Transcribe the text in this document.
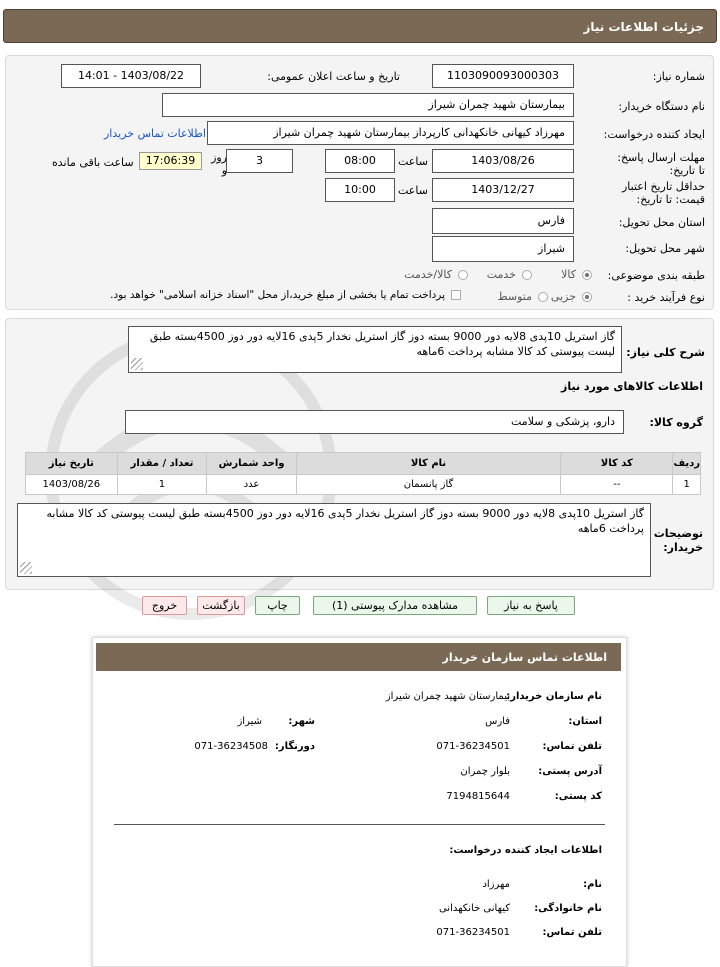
جزئیات اطلاعات نیاز
شماره نیاز:
1103090093000303
تاریخ و ساعت اعلان عمومی:
1403/08/22 - 14:01
نام دستگاه خریدار:
بیمارستان شهید چمران شیراز
ایجاد کننده درخواست:
مهرزاد کیهانی خانکهدانی کارپرداز بیمارستان شهید چمران شیراز
اطلاعات تماس خریدار
مهلت ارسال پاسخ: تا تاریخ:
1403/08/26
ساعت
08:00
3
روز و
17:06:39
ساعت باقی مانده
حداقل تاریخ اعتبار قیمت: تا تاریخ:
1403/12/27
ساعت
10:00
استان محل تحویل:
فارس
شهر محل تحویل:
شیراز
طبقه بندی موضوعی:
کالا
خدمت
کالا/خدمت
نوع فرآیند خرید :
جزیی
متوسط
پرداخت تمام یا بخشی از مبلغ خرید،از محل "اسناد خزانه اسلامی" خواهد بود.
شرح کلی نیاز:
گاز استریل 10پدی 8لایه دور 9000 بسته دوز گاز استریل نخدار 5پدی 16لایه دور دوز 4500بسته طبق لیست پیوستی کد کالا مشابه پرداخت 6ماهه
اطلاعات کالاهای مورد نیاز
گروه کالا:
دارو، پزشکی و سلامت
ردیف	کد کالا	نام کالا	واحد شمارش	تعداد / مقدار	تاریخ نیاز
1	--	گاز پانسمان	عدد	1	1403/08/26
توضیحات خریدار:
گاز استریل 10پدی 8لایه دور 9000 بسته دوز گاز استریل نخدار 5پدی 16لایه دور دوز 4500بسته طبق لیست پیوستی کد کالا مشابه پرداخت 6ماهه
پاسخ به نیاز
مشاهده مدارک پیوستی (1)
چاپ
بازگشت
خروج
اطلاعات تماس سازمان خریدار
نام سازمان خریدار:
بیمارستان شهید چمران شیراز
استان:
فارس
شهر:
شیراز
تلفن تماس:
071-36234501
دورنگار:
071-36234508
آدرس پستی:
بلوار چمران
کد پستی:
7194815644
اطلاعات ایجاد کننده درخواست:
نام:
مهرزاد
نام خانوادگی:
کیهانی خانکهدانی
تلفن تماس:
071-36234501
